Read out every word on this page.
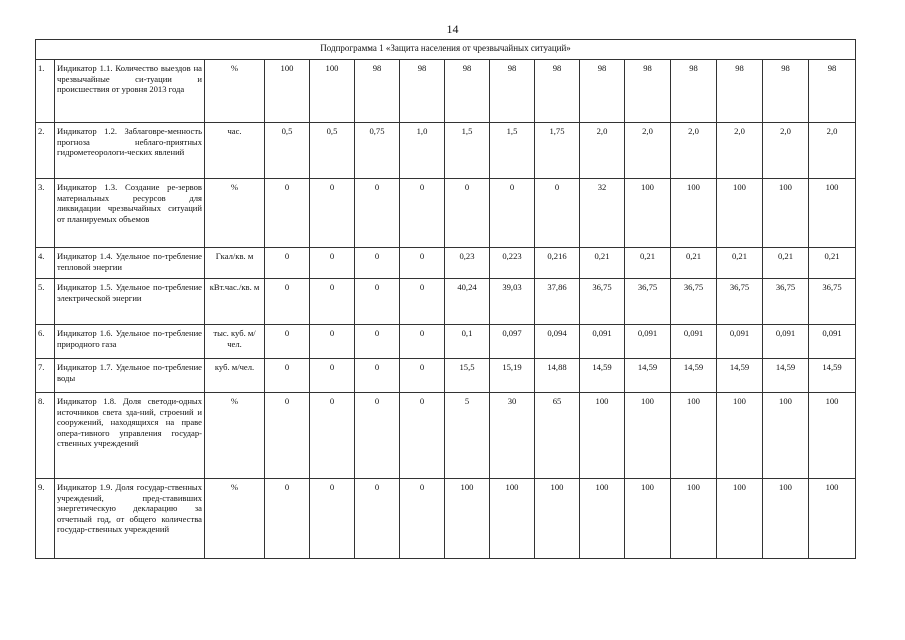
14
Подпрограмма 1 «Защита населения от чрезвычайных ситуаций»															
1.	Индикатор 1.1. Количество выездов на чрезвычайные си-туации и происшествия от уровня 2013 года	%	100	100	98	98	98	98	98	98	98	98	98	98	98
2.	Индикатор 1.2. Заблаговре-менность прогноза неблаго-приятных гидрометеорологи-ческих явлений	час.	0,5	0,5	0,75	1,0	1,5	1,5	1,75	2,0	2,0	2,0	2,0	2,0	2,0
3.	Индикатор 1.3. Создание ре-зервов материальных ресурсов для ликвидации чрезвычайных ситуаций от планируемых объемов	%	0	0	0	0	0	0	0	32	100	100	100	100	100
4.	Индикатор 1.4. Удельное по-требление тепловой энергии	Гкал/кв. м	0	0	0	0	0,23	0,223	0,216	0,21	0,21	0,21	0,21	0,21	0,21
5.	Индикатор 1.5. Удельное по-требление электрической энергии	кВт.час./кв. м	0	0	0	0	40,24	39,03	37,86	36,75	36,75	36,75	36,75	36,75	36,75
6.	Индикатор 1.6. Удельное по-требление природного газа	тыс. куб. м/чел.	0	0	0	0	0,1	0,097	0,094	0,091	0,091	0,091	0,091	0,091	0,091
7.	Индикатор 1.7. Удельное по-требление воды	куб. м/чел.	0	0	0	0	15,5	15,19	14,88	14,59	14,59	14,59	14,59	14,59	14,59
8.	Индикатор 1.8. Доля светоди-одных источников света зда-ний, строений и сооружений, находящихся на праве опера-тивного управления государ-ственных учреждений	%	0	0	0	0	5	30	65	100	100	100	100	100	100
9.	Индикатор 1.9. Доля государ-ственных учреждений, пред-ставивших энергетическую декларацию за отчетный год, от общего количества государ-ственных учреждений	%	0	0	0	0	100	100	100	100	100	100	100	100	100
